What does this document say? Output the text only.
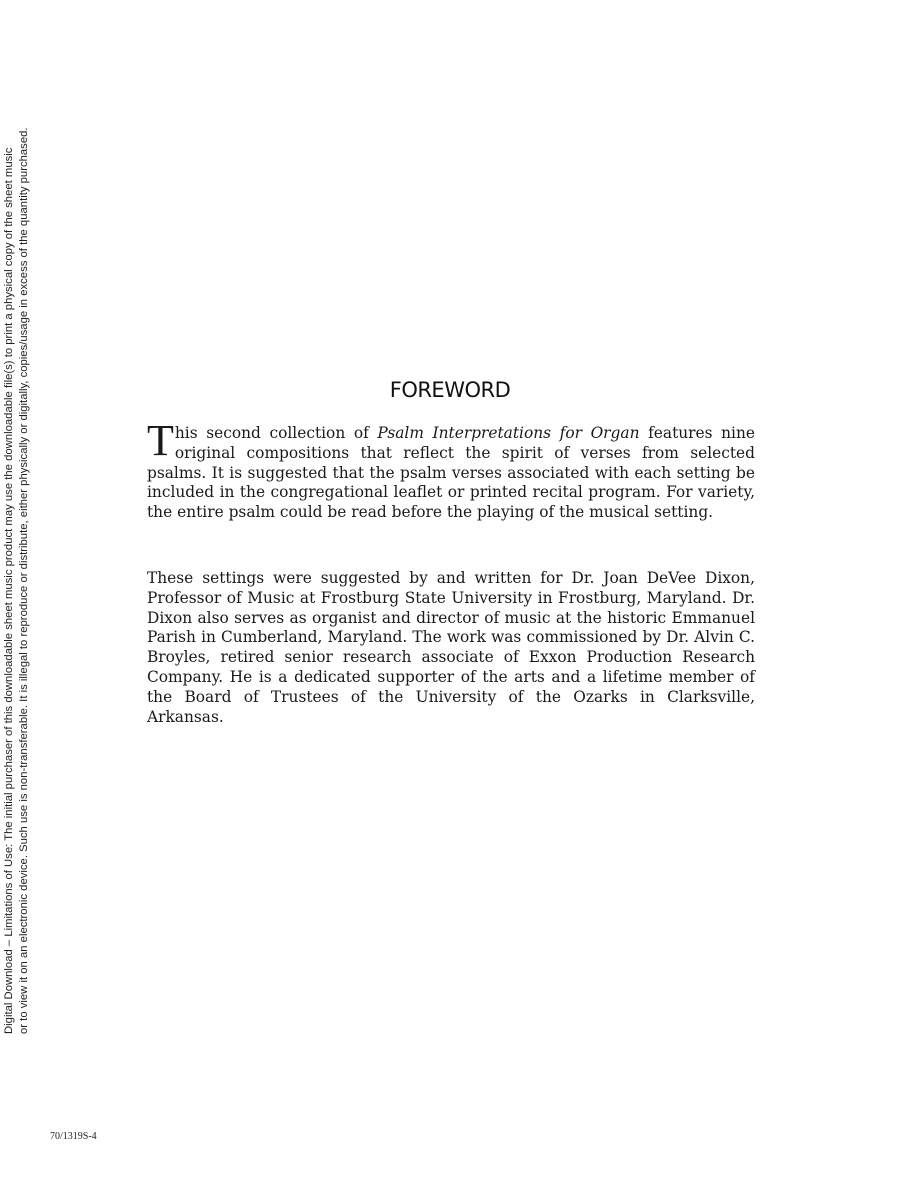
Digital Download – Limitations of Use: The initial purchaser of this downloadable sheet music product may use the downloadable file(s) to print a physical copy of the sheet music or to view it on an electronic device. Such use is non-transferable. It is illegal to reproduce or distribute, either physically or digitally, copies/usage in excess of the quantity purchased.	FOREWORD

This second collection of Psalm Interpretations for Organ features nine original compositions that reflect the spirit of verses from selected psalms. It is suggested that the psalm verses associated with each setting be included in the congregational leaflet or printed recital program. For variety, the entire psalm could be read before the playing of the musical setting.

These settings were suggested by and written for Dr. Joan DeVee Dixon, Professor of Music at Frostburg State University in Frostburg, Maryland. Dr. Dixon also serves as organist and director of music at the historic Emmanuel Parish in Cumberland, Maryland. The work was commissioned by Dr. Alvin C. Broyles, retired senior research associate of Exxon Production Research Company. He is a dedicated supporter of the arts and a lifetime member of the Board of Trustees of the University of the Ozarks in Clarksville, Arkansas.

70/1319S-4
